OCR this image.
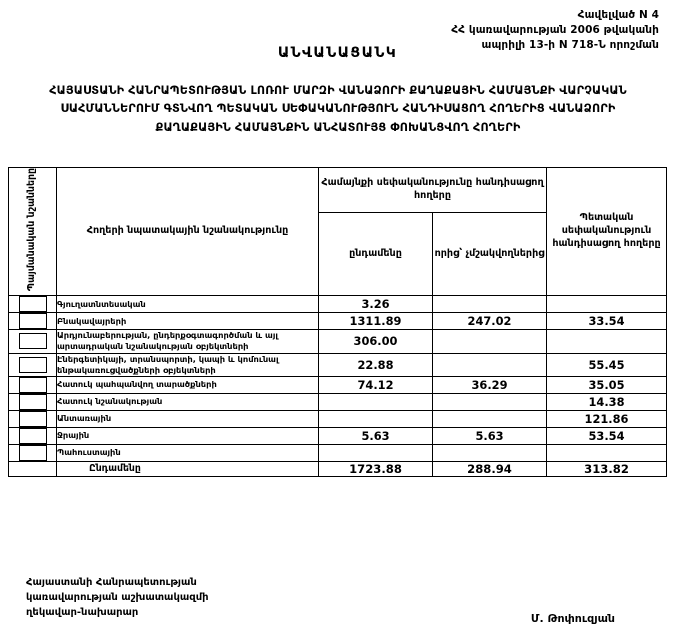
Հավելված N 4
ՀՀ կառավարության 2006 թվականի
ապրիլի 13-ի N 718-Ն որոշման
ԱՆՎԱՆԱՑԱՆԿ
ՀԱՅԱՍՏԱՆԻ ՀԱՆՐԱՊԵՏՈՒԹՅԱՆ ԼՈՌՈՒ ՄԱՐԶԻ ՎԱՆԱՁՈՐԻ ՔԱՂԱՔԱՅԻՆ ՀԱՄԱՅՆՔԻ ՎԱՐՉԱԿԱՆ ՍԱՀՄԱՆՆԵՐՈՒՄ ԳՏՆՎՈՂ ՊԵՏԱԿԱՆ ՍԵՓԱԿԱՆՈՒԹՅՈՒՆ ՀԱՆԴԻՍԱՑՈՂ ՀՈՂԵՐԻՑ ՎԱՆԱՁՈՐԻ ՔԱՂԱՔԱՅԻՆ ՀԱՄԱՅՆՔԻՆ ԱՆՀԱՏՈՒՅՑ ՓՈԽԱՆՑՎՈՂ ՀՈՂԵՐԻ
Պայմանական նշանները	Հողերի նպատակային նշանակությունը	Համայնքի սեփականությունը հանդիսացող հողերը		Պետական սեփականություն հանդիսացող հողերը
		ընդամենը	որից՝ չմշակվողներից	

	Գյուղատնտեսական	3.26		

	Բնակավայրերի	1311.89	247.02	33.54

	Արդյունաբերության, ընդերքօգտագործման և այլ արտադրական նշանակության օբյեկտների	306.00		

	Էներգետիկայի, տրանսպորտի, կապի և կոմունալ ենթակառուցվածքների օբյեկտների	22.88		55.45

	Հատուկ պահպանվող տարածքների	74.12	36.29	35.05

	Հատուկ նշանակության			14.38

	Անտառային			121.86

	Ջրային	5.63	5.63	53.54

	Պահուստային			
	Ընդամենը	1723.88	288.94	313.82
Հայաստանի Հանրապետության
կառավարության աշխատակազմի
ղեկավար-նախարար	Մ. Թոփուզյան
